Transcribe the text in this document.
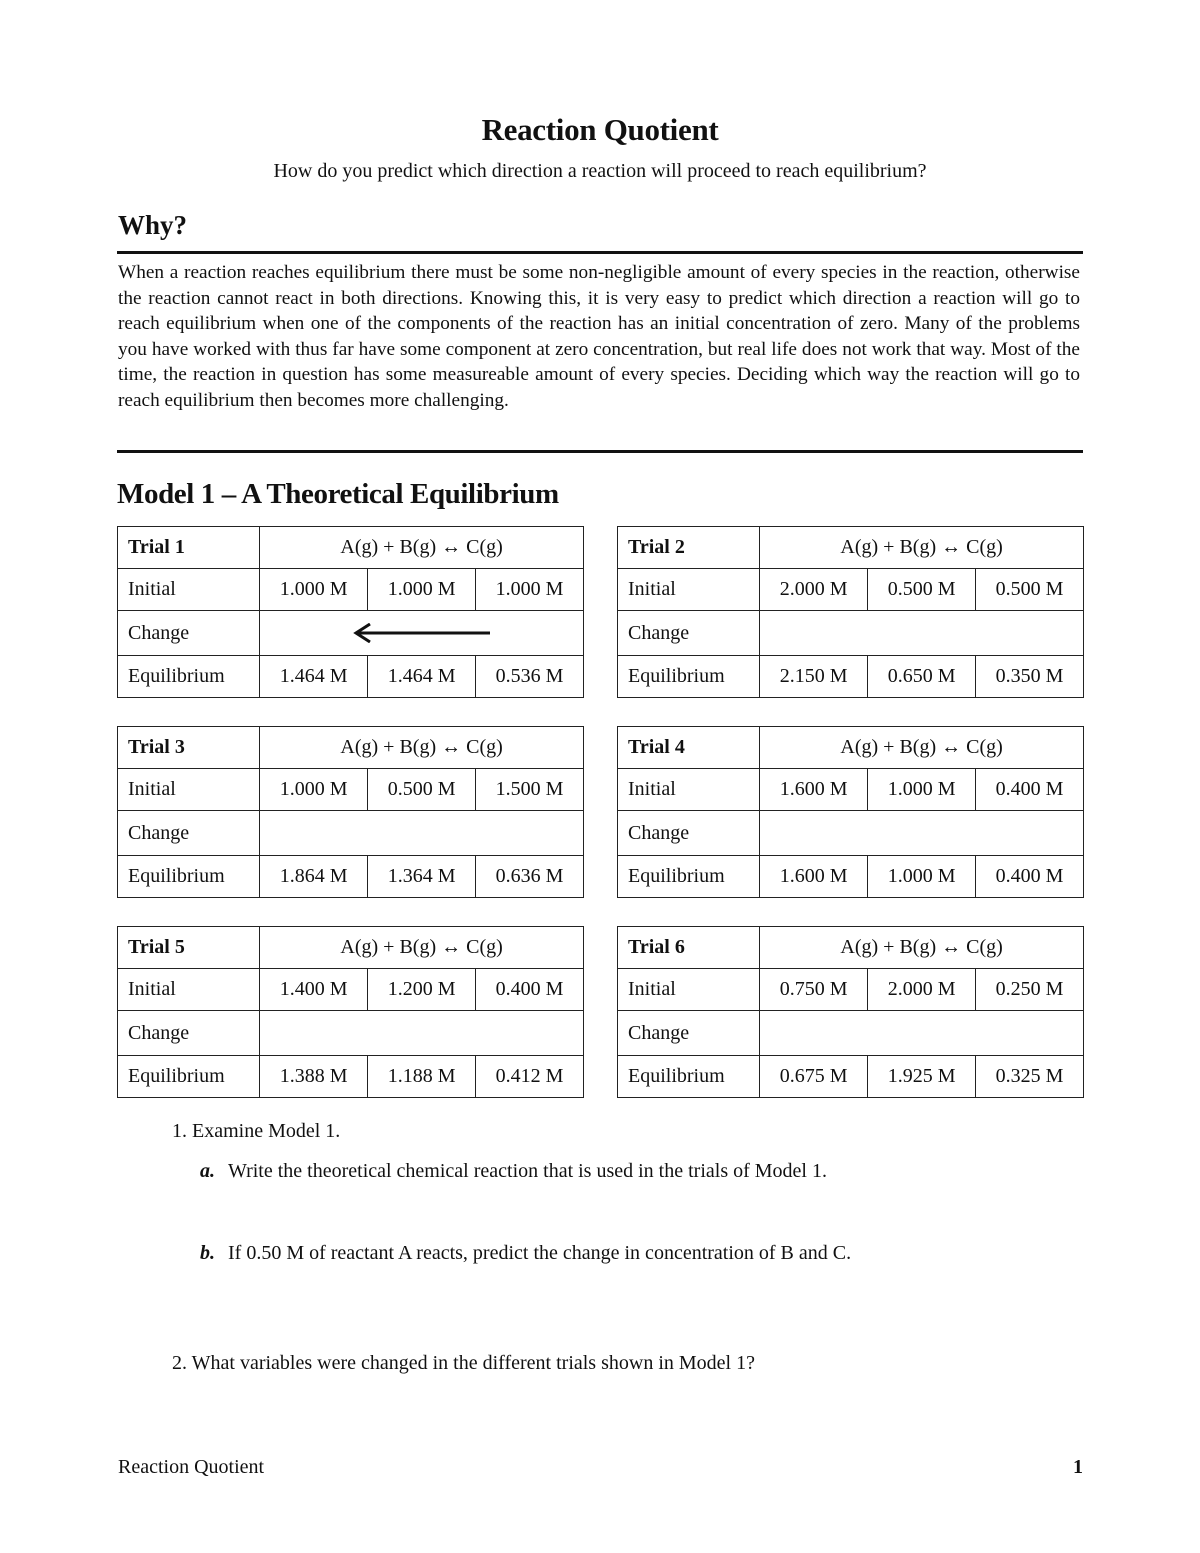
Reaction Quotient
How do you predict which direction a reaction will proceed to reach equilibrium?
Why?
When a reaction reaches equilibrium there must be some non-negligible amount of every species in the reaction, otherwise the reaction cannot react in both directions. Knowing this, it is very easy to predict which direction a reaction will go to reach equilibrium when one of the components of the reaction has an initial concentration of zero. Many of the problems you have worked with thus far have some component at zero concentration, but real life does not work that way. Most of the time, the reaction in question has some measureable amount of every species. Deciding which way the reaction will go to reach equilibrium then becomes more challenging.
Model 1 – A Theoretical Equilibrium
Trial 1	A(g) + B(g) ↔ C(g)		
Initial	1.000 M	1.000 M	1.000 M
Change	

Equilibrium	1.464 M	1.464 M	0.536 M
Trial 2	A(g) + B(g) ↔ C(g)		
Initial	2.000 M	0.500 M	0.500 M
Change			
Equilibrium	2.150 M	0.650 M	0.350 M
Trial 3	A(g) + B(g) ↔ C(g)		
Initial	1.000 M	0.500 M	1.500 M
Change			
Equilibrium	1.864 M	1.364 M	0.636 M
Trial 4	A(g) + B(g) ↔ C(g)		
Initial	1.600 M	1.000 M	0.400 M
Change			
Equilibrium	1.600 M	1.000 M	0.400 M
Trial 5	A(g) + B(g) ↔ C(g)		
Initial	1.400 M	1.200 M	0.400 M
Change			
Equilibrium	1.388 M	1.188 M	0.412 M
Trial 6	A(g) + B(g) ↔ C(g)		
Initial	0.750 M	2.000 M	0.250 M
Change			
Equilibrium	0.675 M	1.925 M	0.325 M
1. Examine Model 1.
a. Write the theoretical chemical reaction that is used in the trials of Model 1.
b. If 0.50 M of reactant A reacts, predict the change in concentration of B and C.
2. What variables were changed in the different trials shown in Model 1?
Reaction Quotient	1
